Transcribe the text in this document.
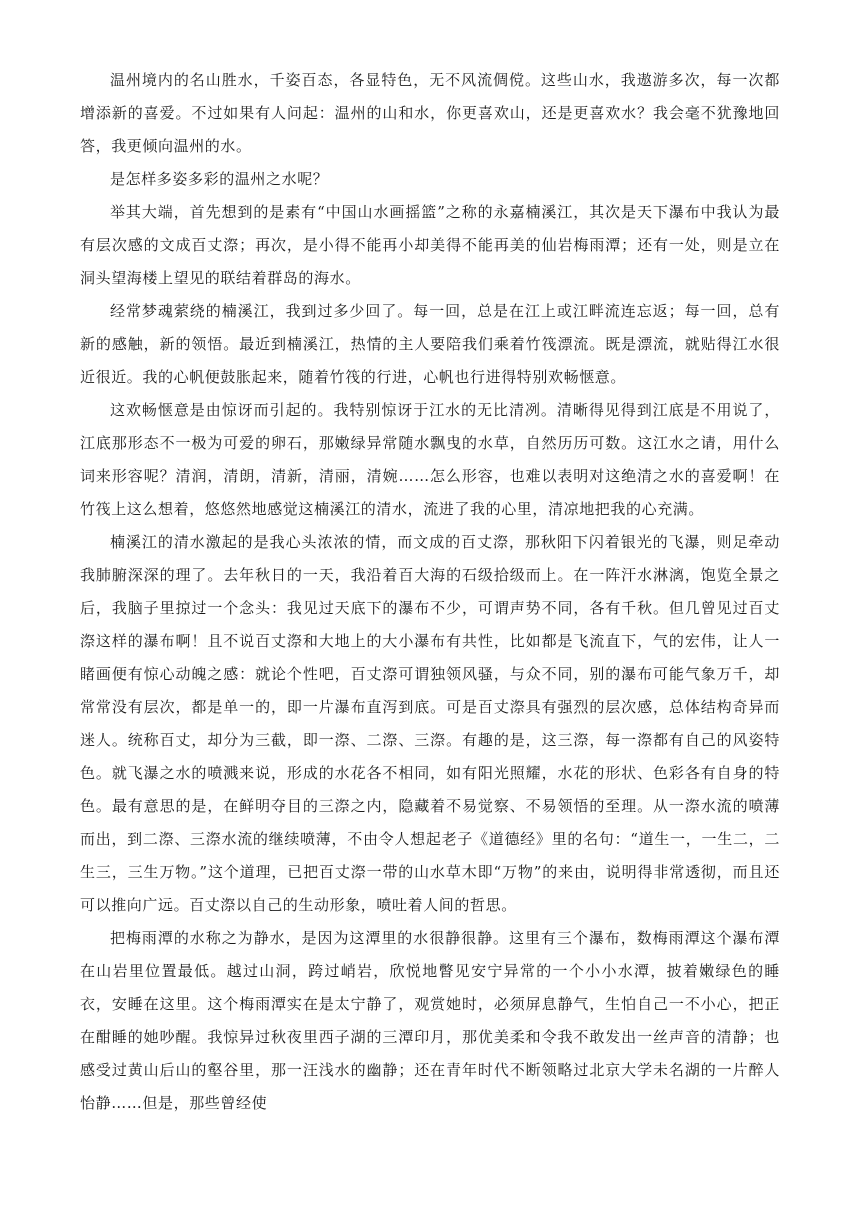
温州境内的名山胜水，千姿百态，各显特色，无不风流倜傥。这些山水，我遨游多次，每一次都增添新的喜爱。不过如果有人问起：温州的山和水，你更喜欢山，还是更喜欢水？我会毫不犹豫地回答，我更倾向温州的水。

是怎样多姿多彩的温州之水呢？

举其大端，首先想到的是素有“中国山水画摇篮”之称的永嘉楠溪江，其次是天下瀑布中我认为最有层次感的文成百丈漈；再次，是小得不能再小却美得不能再美的仙岩梅雨潭；还有一处，则是立在洞头望海楼上望见的联结着群岛的海水。

经常梦魂萦绕的楠溪江，我到过多少回了。每一回，总是在江上或江畔流连忘返；每一回，总有新的感触，新的领悟。最近到楠溪江，热情的主人要陪我们乘着竹筏漂流。既是漂流，就贴得江水很近很近。我的心帆便鼓胀起来，随着竹筏的行进，心帆也行进得特别欢畅惬意。

这欢畅惬意是由惊讶而引起的。我特别惊讶于江水的无比清冽。清晰得见得到江底是不用说了，江底那形态不一极为可爱的卵石，那嫩绿异常随水飘曳的水草，自然历历可数。这江水之请，用什么词来形容呢？清润，清朗，清新，清丽，清婉……怎么形容，也难以表明对这绝清之水的喜爱啊！在竹筏上这么想着，悠悠然地感觉这楠溪江的清水，流进了我的心里，清凉地把我的心充满。

楠溪江的清水激起的是我心头浓浓的情，而文成的百丈漈，那秋阳下闪着银光的飞瀑，则足牵动我肺腑深深的理了。去年秋日的一天，我沿着百大海的石级拾级而上。在一阵汗水淋漓，饱览全景之后，我脑子里掠过一个念头：我见过天底下的瀑布不少，可谓声势不同，各有千秋。但几曾见过百丈漈这样的瀑布啊！且不说百丈漈和大地上的大小瀑布有共性，比如都是飞流直下，气的宏伟，让人一睹画便有惊心动魄之感：就论个性吧，百丈漈可谓独领风骚，与众不同，别的瀑布可能气象万千，却常常没有层次，都是单一的，即一片瀑布直泻到底。可是百丈漈具有强烈的层次感，总体结构奇异而迷人。统称百丈，却分为三截，即一漈、二漈、三漈。有趣的是，这三漈，每一漈都有自己的风姿特色。就飞瀑之水的喷溅来说，形成的水花各不相同，如有阳光照耀，水花的形状、色彩各有自身的特色。最有意思的是，在鲜明夺目的三漈之内，隐藏着不易觉察、不易领悟的至理。从一漈水流的喷薄而出，到二漈、三漈水流的继续喷薄，不由令人想起老子《道德经》里的名句：“道生一，一生二，二生三，三生万物。”这个道理，已把百丈漈一带的山水草木即“万物”的来由，说明得非常透彻，而且还可以推向广远。百丈漈以自己的生动形象，喷吐着人间的哲思。

把梅雨潭的水称之为静水，是因为这潭里的水很静很静。这里有三个瀑布，数梅雨潭这个瀑布潭在山岩里位置最低。越过山洞，跨过峭岩，欣悦地瞥见安宁异常的一个小小水潭，披着嫩绿色的睡衣，安睡在这里。这个梅雨潭实在是太宁静了，观赏她时，必须屏息静气，生怕自己一不小心，把正在酣睡的她吵醒。我惊异过秋夜里西子湖的三潭印月，那优美柔和令我不敢发出一丝声音的清静；也感受过黄山后山的壑谷里，那一汪浅水的幽静；还在青年时代不断领略过北京大学未名湖的一片醉人怡静……但是，那些曾经使
